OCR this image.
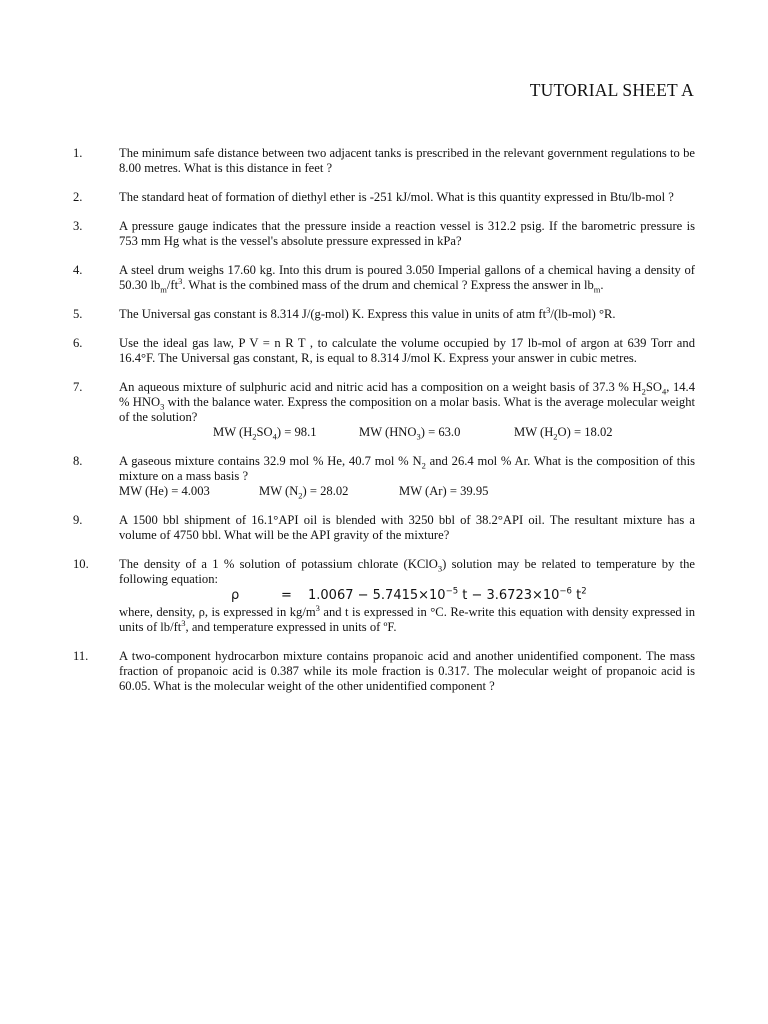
TUTORIAL SHEET A
1.	The minimum safe distance between two adjacent tanks is prescribed in the relevant government regulations to be 8.00 metres. What is this distance in feet ?

2.	The standard heat of formation of diethyl ether is -251 kJ/mol. What is this quantity expressed in Btu/lb-mol ?

3.	A pressure gauge indicates that the pressure inside a reaction vessel is 312.2 psig. If the barometric pressure is 753 mm Hg what is the vessel's absolute pressure expressed in kPa?

4.	A steel drum weighs 17.60 kg. Into this drum is poured 3.050 Imperial gallons of a chemical having a density of 50.30 $lb_m/ft^3$. What is the combined mass of the drum and chemical ? Express the answer in $lb_m$.

5.	The Universal gas constant is 8.314 J/(g-mol) K. Express this value in units of atm $ft^3/(lb-mol)$ °R.

6.	Use the ideal gas law, P V = n R T , to calculate the volume occupied by 17 lb-mol of argon at 639 Torr and 16.4°F. The Universal gas constant, R, is equal to 8.314 J/mol K. Express your answer in cubic metres.

7.	An aqueous mixture of sulphuric acid and nitric acid has a composition on a weight basis of 37.3 % $H_2SO_4$, 14.4 % $HNO_3$ with the balance water. Express the composition on a molar basis. What is the average molecular weight of the solution?

MW $(H_2SO_4) = 98.1$	MW $(HNO_3) = 63.0$	MW $(H_2O) = 18.02$
8.	A gaseous mixture contains 32.9 mol % He, 40.7 mol % $N_2$ and 26.4 mol % Ar. What is the composition of this mixture on a mass basis ?

MW (He) = 4.003	MW $(N_2) = 28.02$	MW (Ar) = 39.95
9.	A 1500 bbl shipment of 16.1°API oil is blended with 3250 bbl of 38.2°API oil. The resultant mixture has a volume of 4750 bbl. What will be the API gravity of the mixture?

10. The density of a 1 % solution of potassium chlorate (KClO$_3$) solution may be related to temperature by the following equation:

ρ	= $1.0067 - 5.7415\times 10^{-5}$ $t - 3.6723\times 10^{-6}$ $t^2$

where, density, ρ, is expressed in $kg/m^3$ and t is expressed in °C. Re-write this equation with density expressed in units of $lb/ft^3$, and temperature expressed in units of ºF.

11. A two-component hydrocarbon mixture contains propanoic acid and another unidentified component. The mass fraction of propanoic acid is 0.387 while its mole fraction is 0.317. The molecular weight of propanoic acid is 60.05. What is the molecular weight of the other unidentified component ?
